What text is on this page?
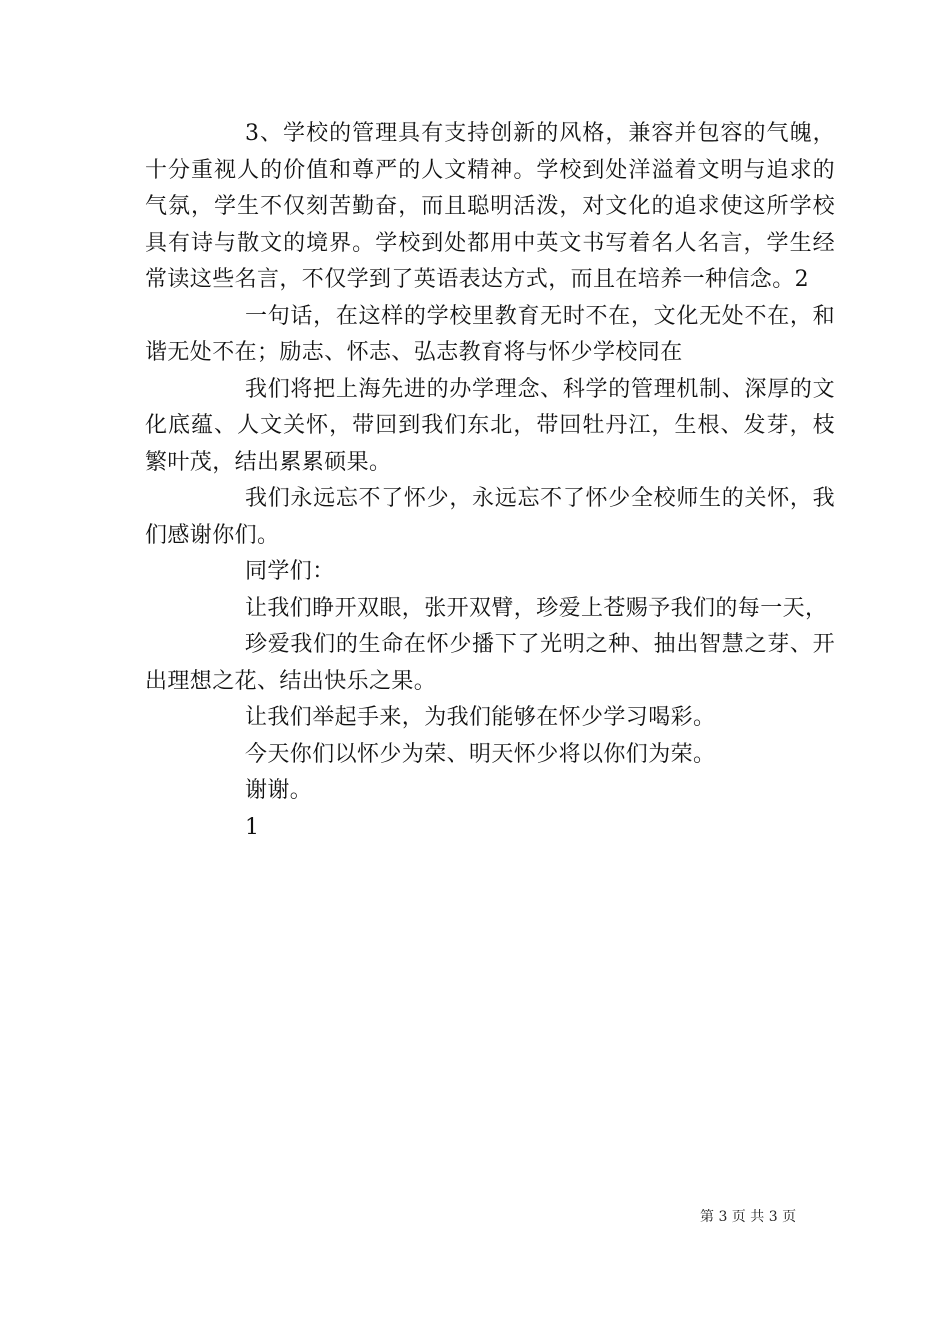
3、学校的管理具有支持创新的风格，兼容并包容的气魄，十分重视人的价值和尊严的人文精神。学校到处洋溢着文明与追求的气氛，学生不仅刻苦勤奋，而且聪明活泼，对文化的追求使这所学校具有诗与散文的境界。学校到处都用中英文书写着名人名言，学生经常读这些名言，不仅学到了英语表达方式，而且在培养一种信念。2

一句话，在这样的学校里教育无时不在，文化无处不在，和谐无处不在；励志、怀志、弘志教育将与怀少学校同在

我们将把上海先进的办学理念、科学的管理机制、深厚的文化底蕴、人文关怀，带回到我们东北，带回牡丹江，生根、发芽，枝繁叶茂，结出累累硕果。

我们永远忘不了怀少，永远忘不了怀少全校师生的关怀，我们感谢你们。

同学们：

让我们睁开双眼，张开双臂，珍爱上苍赐予我们的每一天，

珍爱我们的生命在怀少播下了光明之种、抽出智慧之芽、开出理想之花、结出快乐之果。

让我们举起手来，为我们能够在怀少学习喝彩。

今天你们以怀少为荣、明天怀少将以你们为荣。

谢谢。

1

第 3 页 共 3 页
